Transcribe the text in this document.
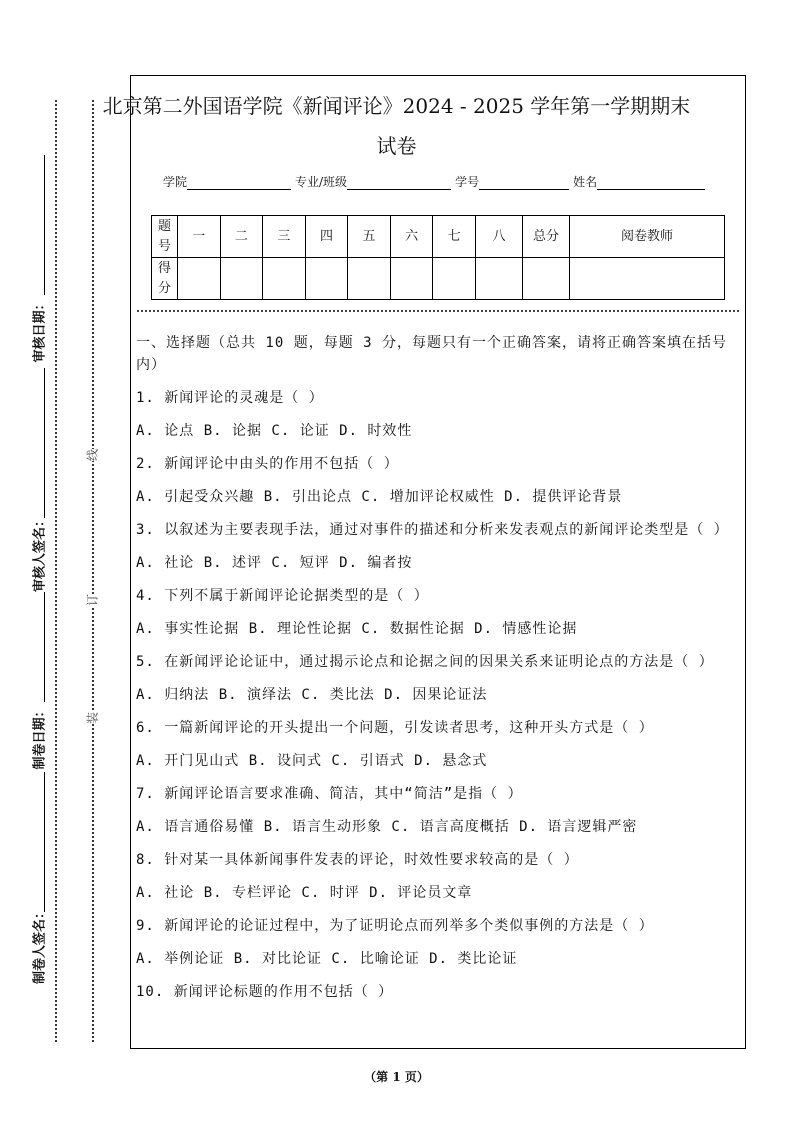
审核日期：
审核人签名：
制卷日期：
制卷人签名：
线
订
装
北京第二外国语学院《新闻评论》2024 - 2025 学年第一学期期末
试卷
学院	专业/班级	学号	姓名
题号	一	二	三	四	五	六	七	八	总分	阅卷教师
得分										

一、选择题（总共 10 题，每题 3 分，每题只有一个正确答案，请将正确答案填在括号内）

1. 新闻评论的灵魂是（ ）

A. 论点 B. 论据 C. 论证 D. 时效性

2. 新闻评论中由头的作用不包括（ ）

A. 引起受众兴趣 B. 引出论点 C. 增加评论权威性 D. 提供评论背景

3. 以叙述为主要表现手法，通过对事件的描述和分析来发表观点的新闻评论类型是（ ）

A. 社论 B. 述评 C. 短评 D. 编者按

4. 下列不属于新闻评论论据类型的是（ ）

A. 事实性论据 B. 理论性论据 C. 数据性论据 D. 情感性论据

5. 在新闻评论论证中，通过揭示论点和论据之间的因果关系来证明论点的方法是（ ）

A. 归纳法 B. 演绎法 C. 类比法 D. 因果论证法

6. 一篇新闻评论的开头提出一个问题，引发读者思考，这种开头方式是（ ）

A. 开门见山式 B. 设问式 C. 引语式 D. 悬念式

7. 新闻评论语言要求准确、简洁，其中“简洁”是指（ ）

A. 语言通俗易懂 B. 语言生动形象 C. 语言高度概括 D. 语言逻辑严密

8. 针对某一具体新闻事件发表的评论，时效性要求较高的是（ ）

A. 社论 B. 专栏评论 C. 时评 D. 评论员文章

9. 新闻评论的论证过程中，为了证明论点而列举多个类似事例的方法是（ ）

A. 举例论证 B. 对比论证 C. 比喻论证 D. 类比论证

10. 新闻评论标题的作用不包括（ ）

（第 1 页）
